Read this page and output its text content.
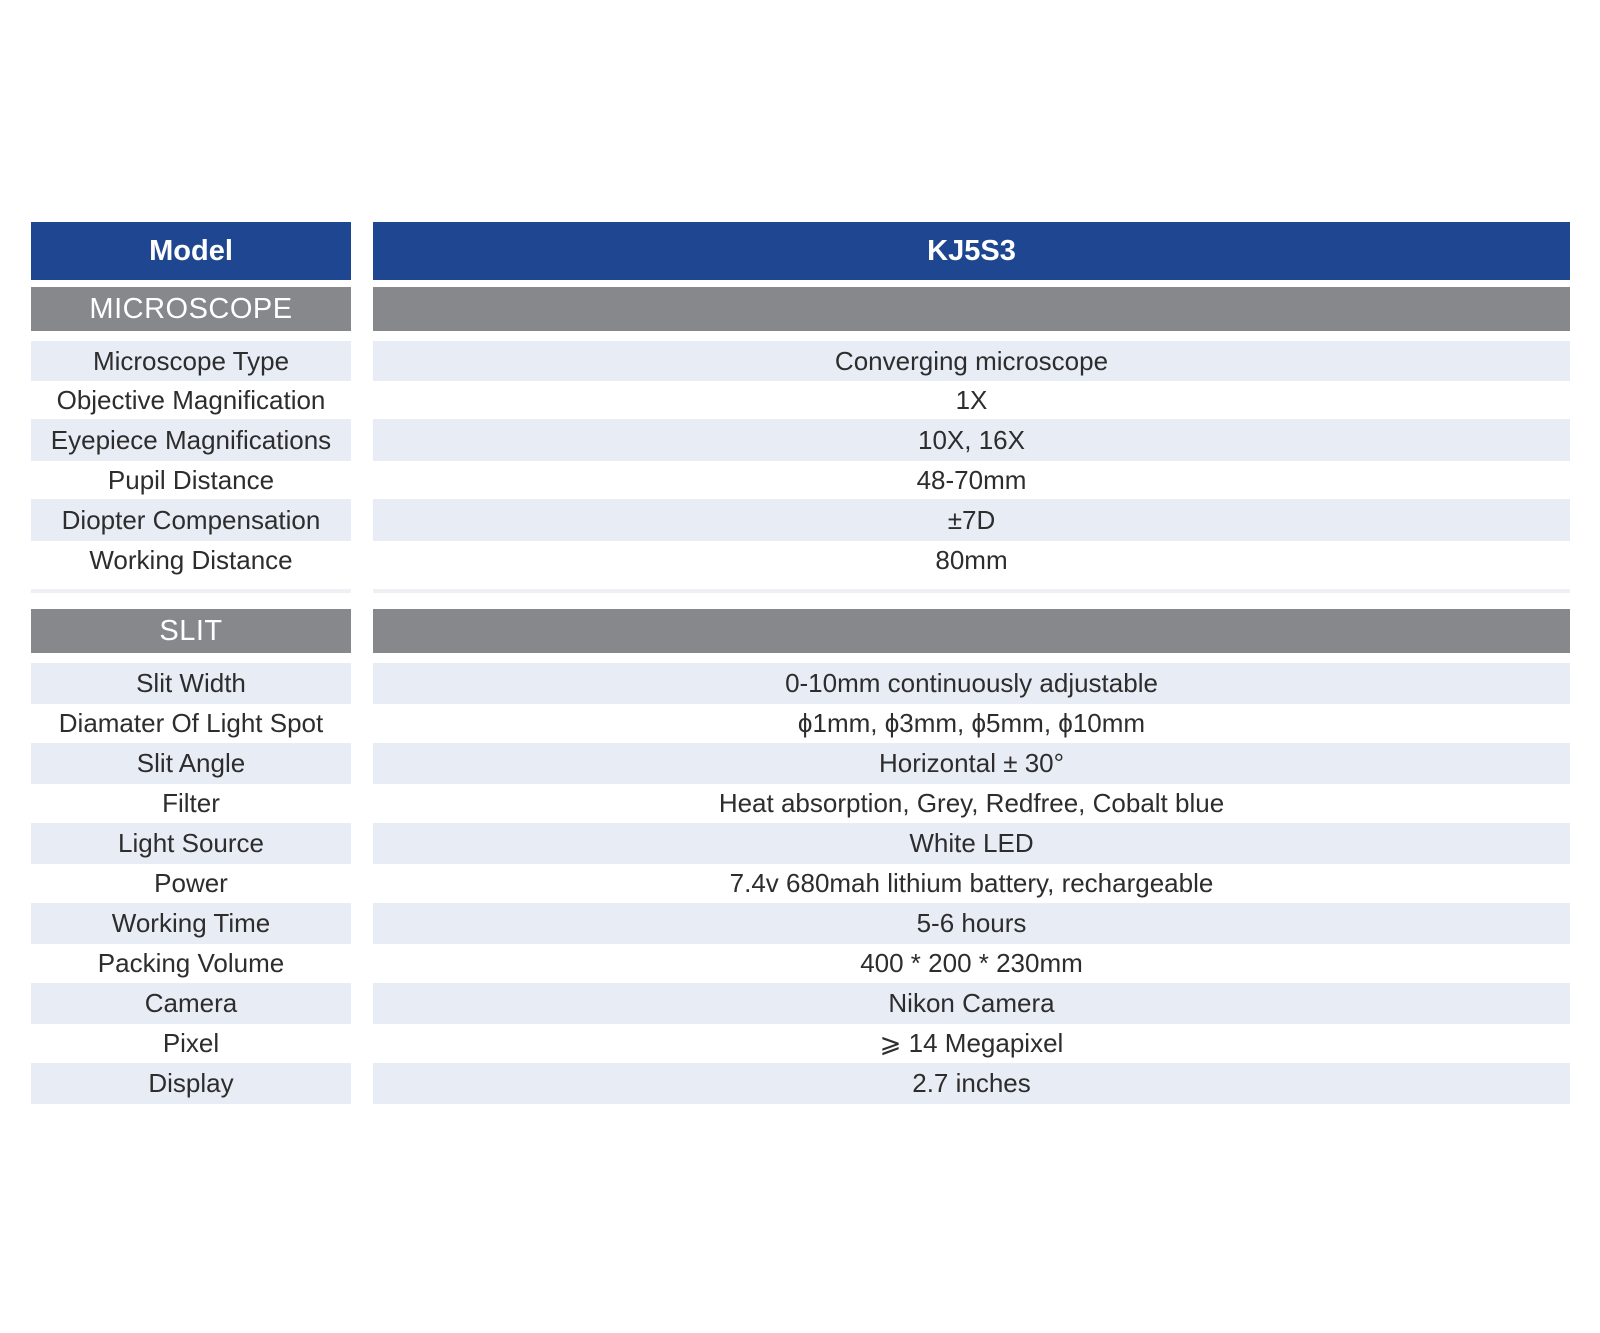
Model	KJ5S3
MICROSCOPE
Microscope Type	Converging microscope
Objective Magnification	1X
Eyepiece Magnifications	10X, 16X
Pupil Distance	48-70mm
Diopter Compensation	±7D
Working Distance	80mm
SLIT
Slit Width	0-10mm continuously adjustable
Diamater Of Light Spot	ϕ1mm, ϕ3mm, ϕ5mm, ϕ10mm
Slit Angle	Horizontal ± 30°
Filter	Heat absorption, Grey, Redfree, Cobalt blue
Light Source	White LED
Power	7.4v 680mah lithium battery, rechargeable
Working Time	5-6 hours
Packing Volume	400 * 200 * 230mm
Camera	Nikon Camera
Pixel	⩾ 14 Megapixel
Display	2.7 inches
